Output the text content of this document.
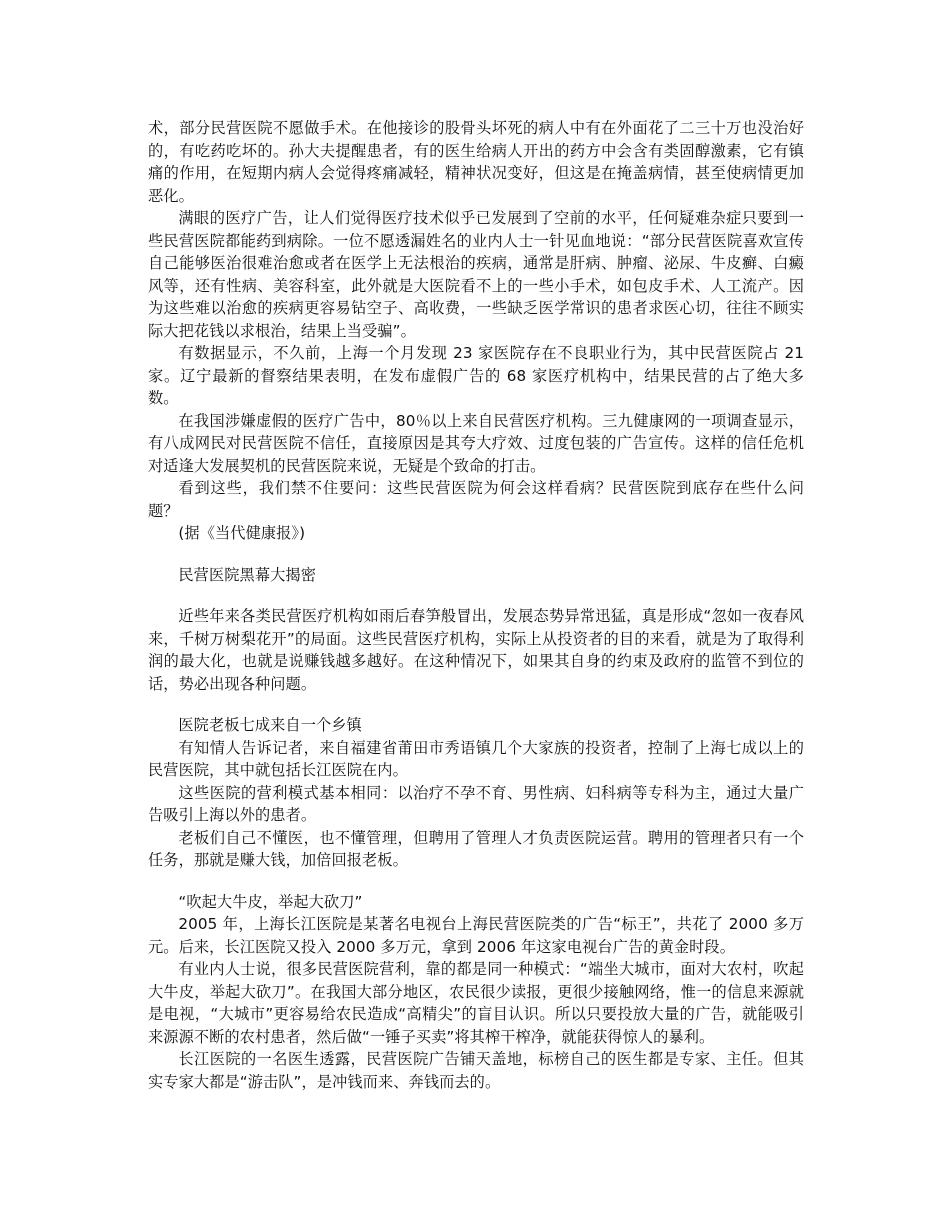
术，部分民营医院不愿做手术。在他接诊的股骨头坏死的病人中有在外面花了二三十万也没治好的，有吃药吃坏的。孙大夫提醒患者，有的医生给病人开出的药方中会含有类固醇激素，它有镇痛的作用，在短期内病人会觉得疼痛减轻，精神状况变好，但这是在掩盖病情，甚至使病情更加恶化。

满眼的医疗广告，让人们觉得医疗技术似乎已发展到了空前的水平，任何疑难杂症只要到一些民营医院都能药到病除。一位不愿透漏姓名的业内人士一针见血地说：“部分民营医院喜欢宣传自己能够医治很难治愈或者在医学上无法根治的疾病，通常是肝病、肿瘤、泌尿、牛皮癣、白癜风等，还有性病、美容科室，此外就是大医院看不上的一些小手术，如包皮手术、人工流产。因为这些难以治愈的疾病更容易钻空子、高收费，一些缺乏医学常识的患者求医心切，往往不顾实际大把花钱以求根治，结果上当受骗”。

有数据显示，不久前，上海一个月发现 23 家医院存在不良职业行为，其中民营医院占 21 家。辽宁最新的督察结果表明，在发布虚假广告的 68 家医疗机构中，结果民营的占了绝大多数。

在我国涉嫌虚假的医疗广告中，80％以上来自民营医疗机构。三九健康网的一项调查显示，有八成网民对民营医院不信任，直接原因是其夸大疗效、过度包装的广告宣传。这样的信任危机对适逢大发展契机的民营医院来说，无疑是个致命的打击。

看到这些，我们禁不住要问：这些民营医院为何会这样看病？民营医院到底存在些什么问题？

(据《当代健康报》)

民营医院黑幕大揭密

近些年来各类民营医疗机构如雨后春笋般冒出，发展态势异常迅猛，真是形成“忽如一夜春风来，千树万树梨花开”的局面。这些民营医疗机构，实际上从投资者的目的来看，就是为了取得利润的最大化，也就是说赚钱越多越好。在这种情况下，如果其自身的约束及政府的监管不到位的话，势必出现各种问题。

医院老板七成来自一个乡镇

有知情人告诉记者，来自福建省莆田市秀语镇几个大家族的投资者，控制了上海七成以上的民营医院，其中就包括长江医院在内。

这些医院的营利模式基本相同：以治疗不孕不育、男性病、妇科病等专科为主，通过大量广告吸引上海以外的患者。

老板们自己不懂医，也不懂管理，但聘用了管理人才负责医院运营。聘用的管理者只有一个任务，那就是赚大钱，加倍回报老板。

“吹起大牛皮，举起大砍刀”

2005 年，上海长江医院是某著名电视台上海民营医院类的广告“标王”，共花了 2000 多万元。后来，长江医院又投入 2000 多万元，拿到 2006 年这家电视台广告的黄金时段。

有业内人士说，很多民营医院营利，靠的都是同一种模式：“端坐大城市，面对大农村，吹起大牛皮，举起大砍刀”。在我国大部分地区，农民很少读报，更很少接触网络，惟一的信息来源就是电视，“大城市”更容易给农民造成“高精尖”的盲目认识。所以只要投放大量的广告，就能吸引来源源不断的农村患者，然后做“一锤子买卖”将其榨干榨净，就能获得惊人的暴利。

长江医院的一名医生透露，民营医院广告铺天盖地，标榜自己的医生都是专家、主任。但其实专家大都是“游击队”，是冲钱而来、奔钱而去的。
